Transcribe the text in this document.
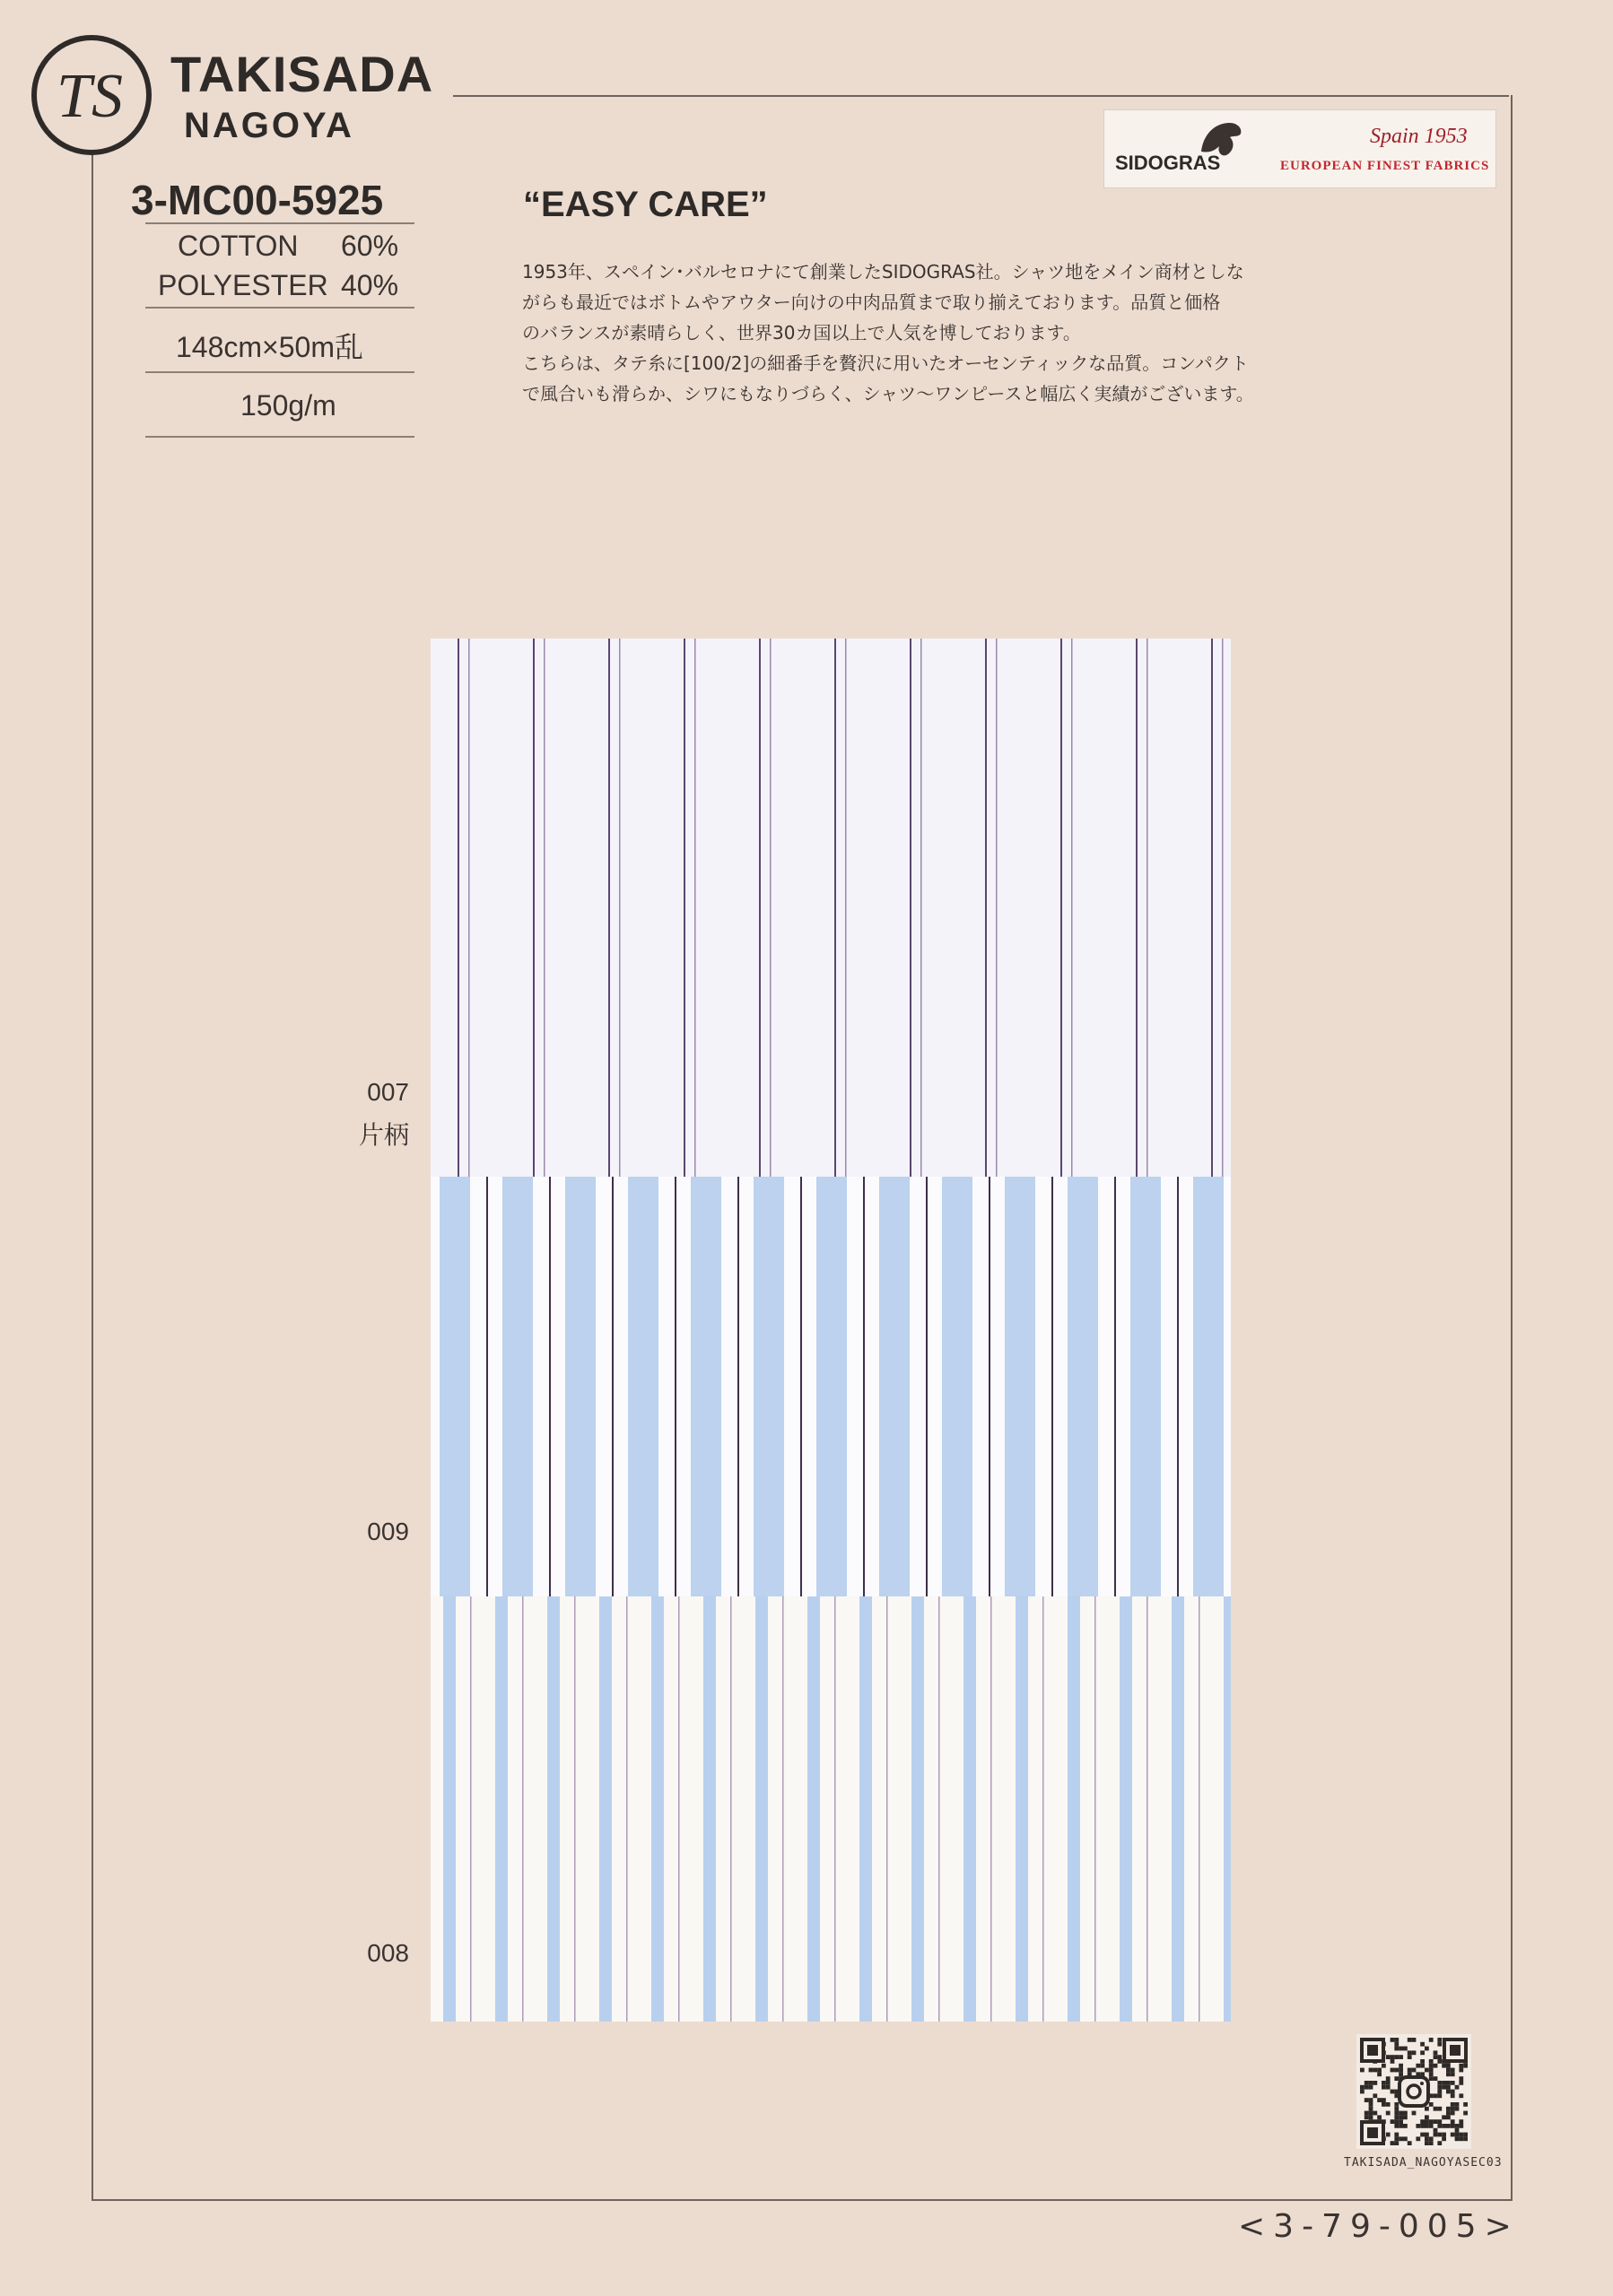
TS TAKISADA
NAGOYA
SIDOGRAS
Spain 1953
EUROPEAN FINEST FABRICS
3-MC00-5925
COTTON 60%
POLYESTER 40%
148cm×50m乱
150g/m
“EASY CARE”

1953年、スペイン･バルセロナにて創業したSIDOGRAS社。シャツ地をメイン商材としな

がらも最近ではボトムやアウター向けの中肉品質まで取り揃えております。品質と価格

のバランスが素晴らしく、世界30カ国以上で人気を博しております。

こちらは、タテ糸に[100/2]の細番手を贅沢に用いたオーセンティックな品質。コンパクト

で風合いも滑らか、シワにもなりづらく、シャツ～ワンピースと幅広く実績がございます。

007
片柄
009
008
TAKISADA_NAGOYASEC03
<3-79-005>
